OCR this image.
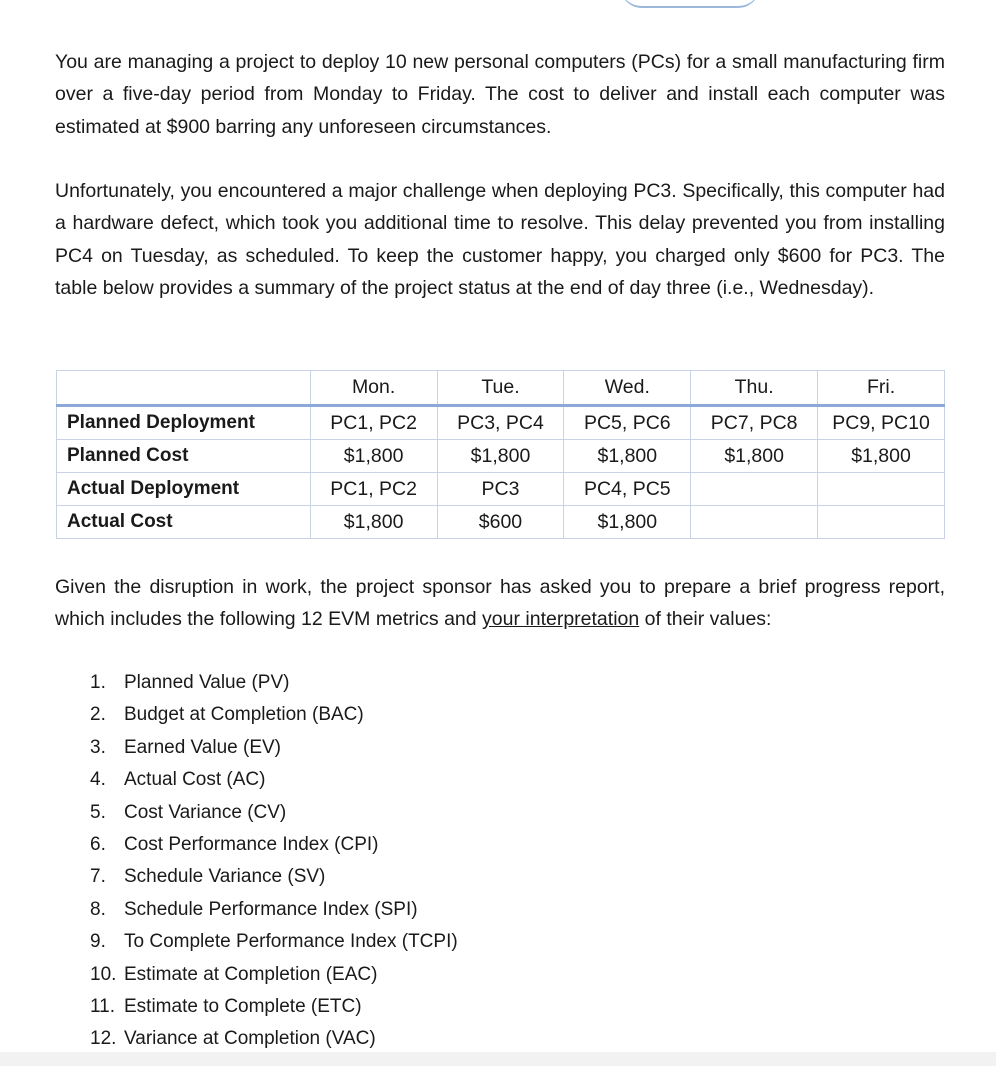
You are managing a project to deploy 10 new personal computers (PCs) for a small manufacturing firm over a five-day period from Monday to Friday. The cost to deliver and install each computer was estimated at $900 barring any unforeseen circumstances.

Unfortunately, you encountered a major challenge when deploying PC3. Specifically, this computer had a hardware defect, which took you additional time to resolve. This delay prevented you from installing PC4 on Tuesday, as scheduled. To keep the customer happy, you charged only $600 for PC3. The table below provides a summary of the project status at the end of day three (i.e., Wednesday).

	Mon.	Tue.	Wed.	Thu.	Fri.
Planned Deployment	PC1, PC2	PC3, PC4	PC5, PC6	PC7, PC8	PC9, PC10
Planned Cost	$1,800	$1,800	$1,800	$1,800	$1,800
Actual Deployment	PC1, PC2	PC3	PC4, PC5		
Actual Cost	$1,800	$600	$1,800		

Given the disruption in work, the project sponsor has asked you to prepare a brief progress report, which includes the following 12 EVM metrics and your interpretation of their values:

1. Planned Value (PV)
2. Budget at Completion (BAC)
3. Earned Value (EV)
4. Actual Cost (AC)
5. Cost Variance (CV)
6. Cost Performance Index (CPI)
7. Schedule Variance (SV)
8. Schedule Performance Index (SPI)
9. To Complete Performance Index (TCPI)
10. Estimate at Completion (EAC)
11. Estimate to Complete (ETC)
12. Variance at Completion (VAC)
